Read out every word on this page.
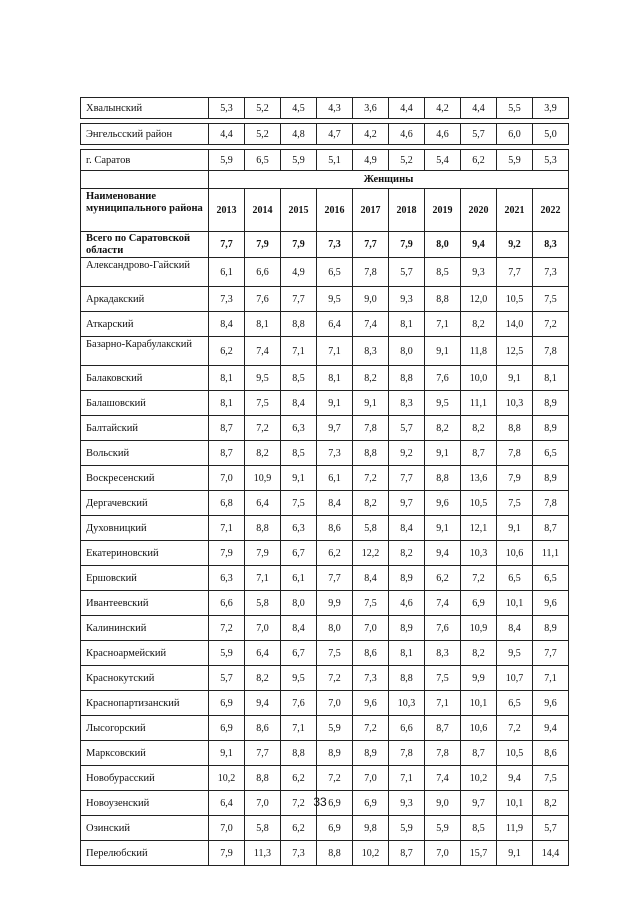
Хвалынский	5,3	5,2	4,5	4,3	3,6	4,4	4,2	4,4	5,5	3,9

Энгельсский район	4,4	5,2	4,8	4,7	4,2	4,6	4,6	5,7	6,0	5,0

г. Саратов	5,9	6,5	5,9	5,1	4,9	5,2	5,4	6,2	5,9	5,3
	Женщины									
Наименование муниципального района	2013	2014	2015	2016	2017	2018	2019	2020	2021	2022
Всего по Саратовской области	7,7	7,9	7,9	7,3	7,7	7,9	8,0	9,4	9,2	8,3
Александрово-Гайский	6,1	6,6	4,9	6,5	7,8	5,7	8,5	9,3	7,7	7,3
Аркадакский	7,3	7,6	7,7	9,5	9,0	9,3	8,8	12,0	10,5	7,5
Аткарский	8,4	8,1	8,8	6,4	7,4	8,1	7,1	8,2	14,0	7,2
Базарно-Карабулакский	6,2	7,4	7,1	7,1	8,3	8,0	9,1	11,8	12,5	7,8
Балаковский	8,1	9,5	8,5	8,1	8,2	8,8	7,6	10,0	9,1	8,1
Балашовский	8,1	7,5	8,4	9,1	9,1	8,3	9,5	11,1	10,3	8,9
Балтайский	8,7	7,2	6,3	9,7	7,8	5,7	8,2	8,2	8,8	8,9
Вольский	8,7	8,2	8,5	7,3	8,8	9,2	9,1	8,7	7,8	6,5
Воскресенский	7,0	10,9	9,1	6,1	7,2	7,7	8,8	13,6	7,9	8,9
Дергачевский	6,8	6,4	7,5	8,4	8,2	9,7	9,6	10,5	7,5	7,8
Духовницкий	7,1	8,8	6,3	8,6	5,8	8,4	9,1	12,1	9,1	8,7
Екатериновский	7,9	7,9	6,7	6,2	12,2	8,2	9,4	10,3	10,6	11,1
Ершовский	6,3	7,1	6,1	7,7	8,4	8,9	6,2	7,2	6,5	6,5
Ивантеевский	6,6	5,8	8,0	9,9	7,5	4,6	7,4	6,9	10,1	9,6
Калининский	7,2	7,0	8,4	8,0	7,0	8,9	7,6	10,9	8,4	8,9
Красноармейский	5,9	6,4	6,7	7,5	8,6	8,1	8,3	8,2	9,5	7,7
Краснокутский	5,7	8,2	9,5	7,2	7,3	8,8	7,5	9,9	10,7	7,1
Краснопартизанский	6,9	9,4	7,6	7,0	9,6	10,3	7,1	10,1	6,5	9,6
Лысогорский	6,9	8,6	7,1	5,9	7,2	6,6	8,7	10,6	7,2	9,4
Марксовский	9,1	7,7	8,8	8,9	8,9	7,8	7,8	8,7	10,5	8,6
Новобурасский	10,2	8,8	6,2	7,2	7,0	7,1	7,4	10,2	9,4	7,5
Новоузенский	6,4	7,0	7,2	6,9	6,9	9,3	9,0	9,7	10,1	8,2
Озинский	7,0	5,8	6,2	6,9	9,8	5,9	5,9	8,5	11,9	5,7
Перелюбский	7,9	11,3	7,3	8,8	10,2	8,7	7,0	15,7	9,1	14,4
33
